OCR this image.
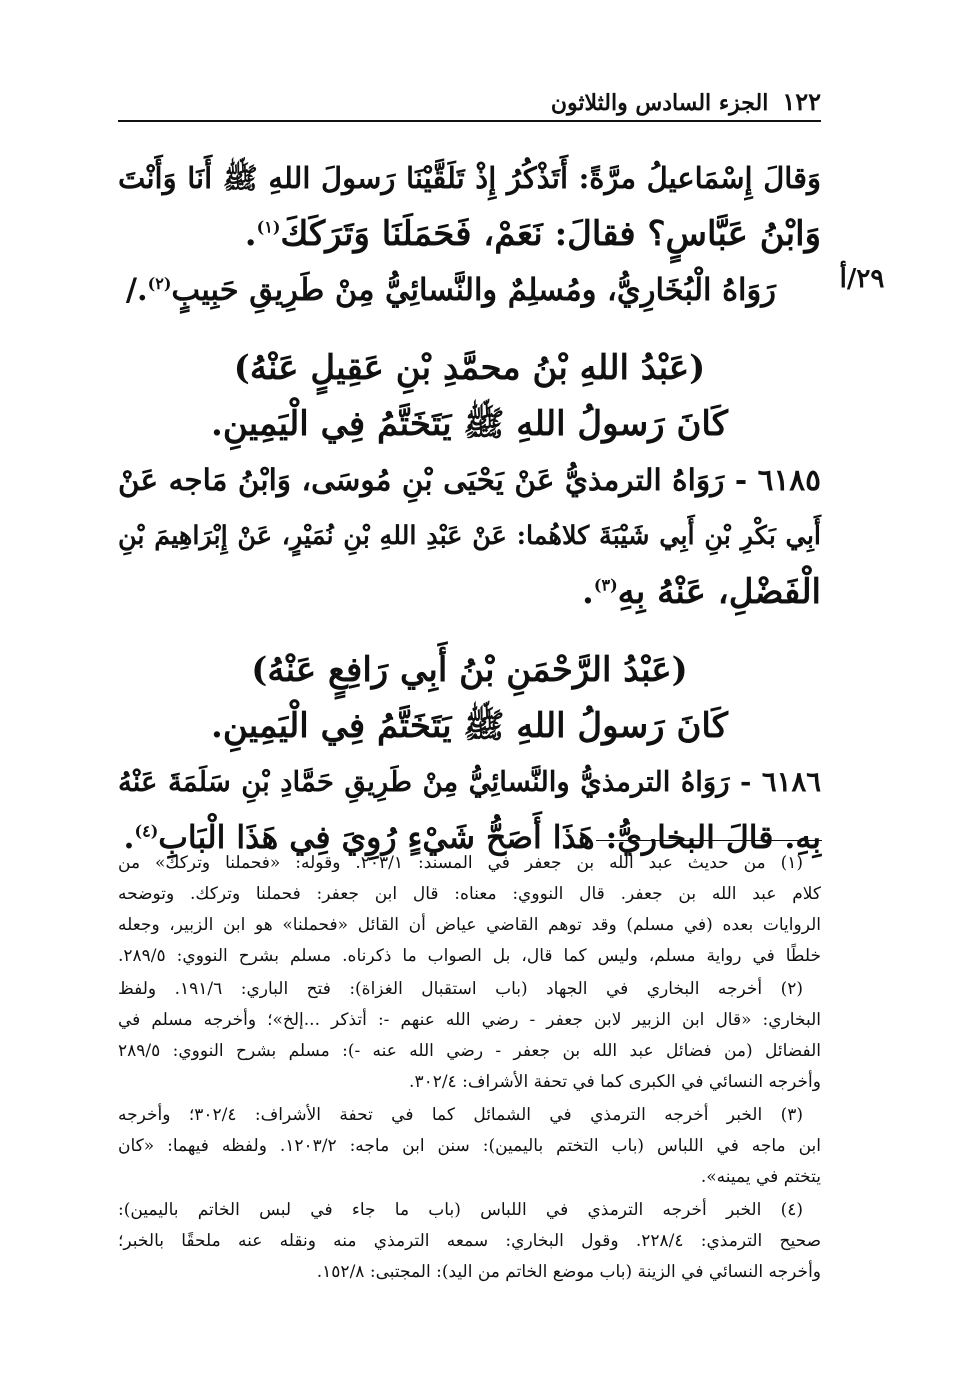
١٢٢
الجزء السادس والثلاثون
٢٩/أ
وَقالَ إِسْمَاعيلُ مرَّةً: أَتَذْكُرُ إِذْ تَلَقَّيْنَا رَسولَ اللهِ ﷺ أَنَا وَأَنْتَ
وَابْنُ عَبَّاسٍ؟ فقالَ: نَعَمْ، فَحَمَلَنَا وَتَرَكَكَ$^{(١)}$.
رَوَاهُ الْبُخَارِيُّ، ومُسلِمٌ والنَّسائِيُّ مِنْ طَرِيقِ حَبِيبٍ$^{(٢)}$./
(عَبْدُ اللهِ بْنُ محمَّدِ بْنِ عَقِيلٍ عَنْهُ)
كَانَ رَسولُ اللهِ ﷺ يَتَخَتَّمُ فِي الْيَمِينِ.
٦١٨٥ - رَوَاهُ الترمذيُّ عَنْ يَحْيَى بْنِ مُوسَى، وَابْنُ مَاجه عَنْ
أَبِي بَكْرِ بْنِ أَبِي شَيْبَةَ كلاهُما: عَنْ عَبْدِ اللهِ بْنِ نُمَيْرٍ، عَنْ إِبْرَاهِيمَ بْنِ
الْفَضْلِ، عَنْهُ بِهِ$^{(٣)}$.
(عَبْدُ الرَّحْمَنِ بْنُ أَبِي رَافِعٍ عَنْهُ)
كَانَ رَسولُ اللهِ ﷺ يَتَخَتَّمُ فِي الْيَمِينِ.
٦١٨٦ - رَوَاهُ الترمذيُّ والنَّسائِيُّ مِنْ طَرِيقِ حَمَّادِ بْنِ سَلَمَةَ عَنْهُ
بِهِ. قالَ البخاريُّ: هَذَا أَصَحُّ شَيْءٍ رُوِيَ فِي هَذَا الْبَابِ$^{(٤)}$.

(١) من حديث عبد الله بن جعفر في المسند: ٢٠٣/١. وقوله: «فحملنا وتركك» من

كلام عبد الله بن جعفر. قال النووي: معناه: قال ابن جعفر: فحملنا وتركك. وتوضحه

الروايات بعده (في مسلم) وقد توهم القاضي عياض أن القائل «فحملنا» هو ابن الزبير، وجعله

خلطًا في رواية مسلم، وليس كما قال، بل الصواب ما ذكرناه. مسلم بشرح النووي: ٢٨٩/٥.

(٢) أخرجه البخاري في الجهاد (باب استقبال الغزاة): فتح الباري: ١٩١/٦. ولفظ

البخاري: «قال ابن الزبير لابن جعفر - رضي الله عنهم -: أتذكر ...إلخ»؛ وأخرجه مسلم في

الفضائل (من فضائل عبد الله بن جعفر - رضي الله عنه -): مسلم بشرح النووي: ٢٨٩/٥

وأخرجه النسائي في الكبرى كما في تحفة الأشراف: ٣٠٢/٤.

(٣) الخبر أخرجه الترمذي في الشمائل كما في تحفة الأشراف: ٣٠٢/٤؛ وأخرجه

ابن ماجه في اللباس (باب التختم باليمين): سنن ابن ماجه: ١٢٠٣/٢. ولفظه فيهما: «كان

يتختم في يمينه».

(٤) الخبر أخرجه الترمذي في اللباس (باب ما جاء في لبس الخاتم باليمين):

صحيح الترمذي: ٢٢٨/٤. وقول البخاري: سمعه الترمذي منه ونقله عنه ملحقًا بالخبر؛

وأخرجه النسائي في الزينة (باب موضع الخاتم من اليد): المجتبى: ١٥٢/٨.
